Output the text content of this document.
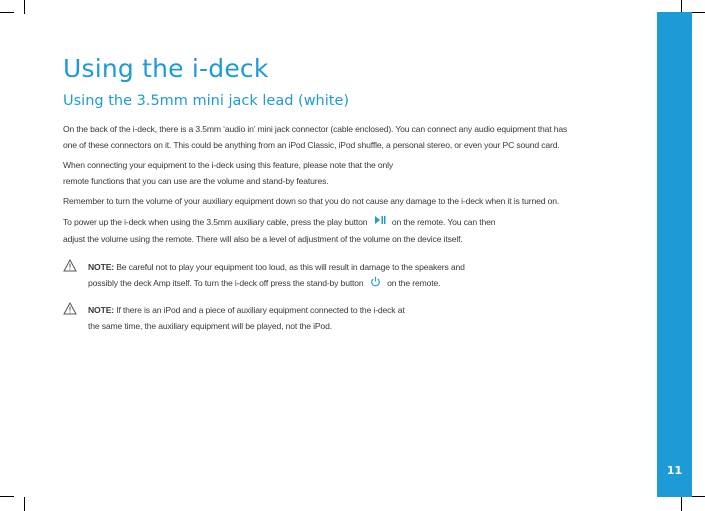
11
Using the i-deck
Using the 3.5mm mini jack lead (white)
On the back of the i-deck, there is a 3.5mm ‘audio in’ mini jack connector (cable enclosed). You can connect any audio equipment that has
one of these connectors on it. This could be anything from an iPod Classic, iPod shuffle, a personal stereo, or even your PC sound card.
When connecting your equipment to the i-deck using this feature, please note that the only
remote functions that you can use are the volume and stand-by features.
Remember to turn the volume of your auxiliary equipment down so that you do not cause any damage to the i-deck when it is turned on.
To power up the i-deck when using the 3.5mm auxiliary cable, press the play button	on the remote. You can then
adjust the volume using the remote. There will also be a level of adjustment of the volume on the device itself.
NOTE: Be careful not to play your equipment too loud, as this will result in damage to the speakers and
possibly the deck Amp itself. To turn the i-deck off press the stand-by button	on the remote.
NOTE: If there is an iPod and a piece of auxiliary equipment connected to the i-deck at
the same time, the auxiliary equipment will be played, not the iPod.
